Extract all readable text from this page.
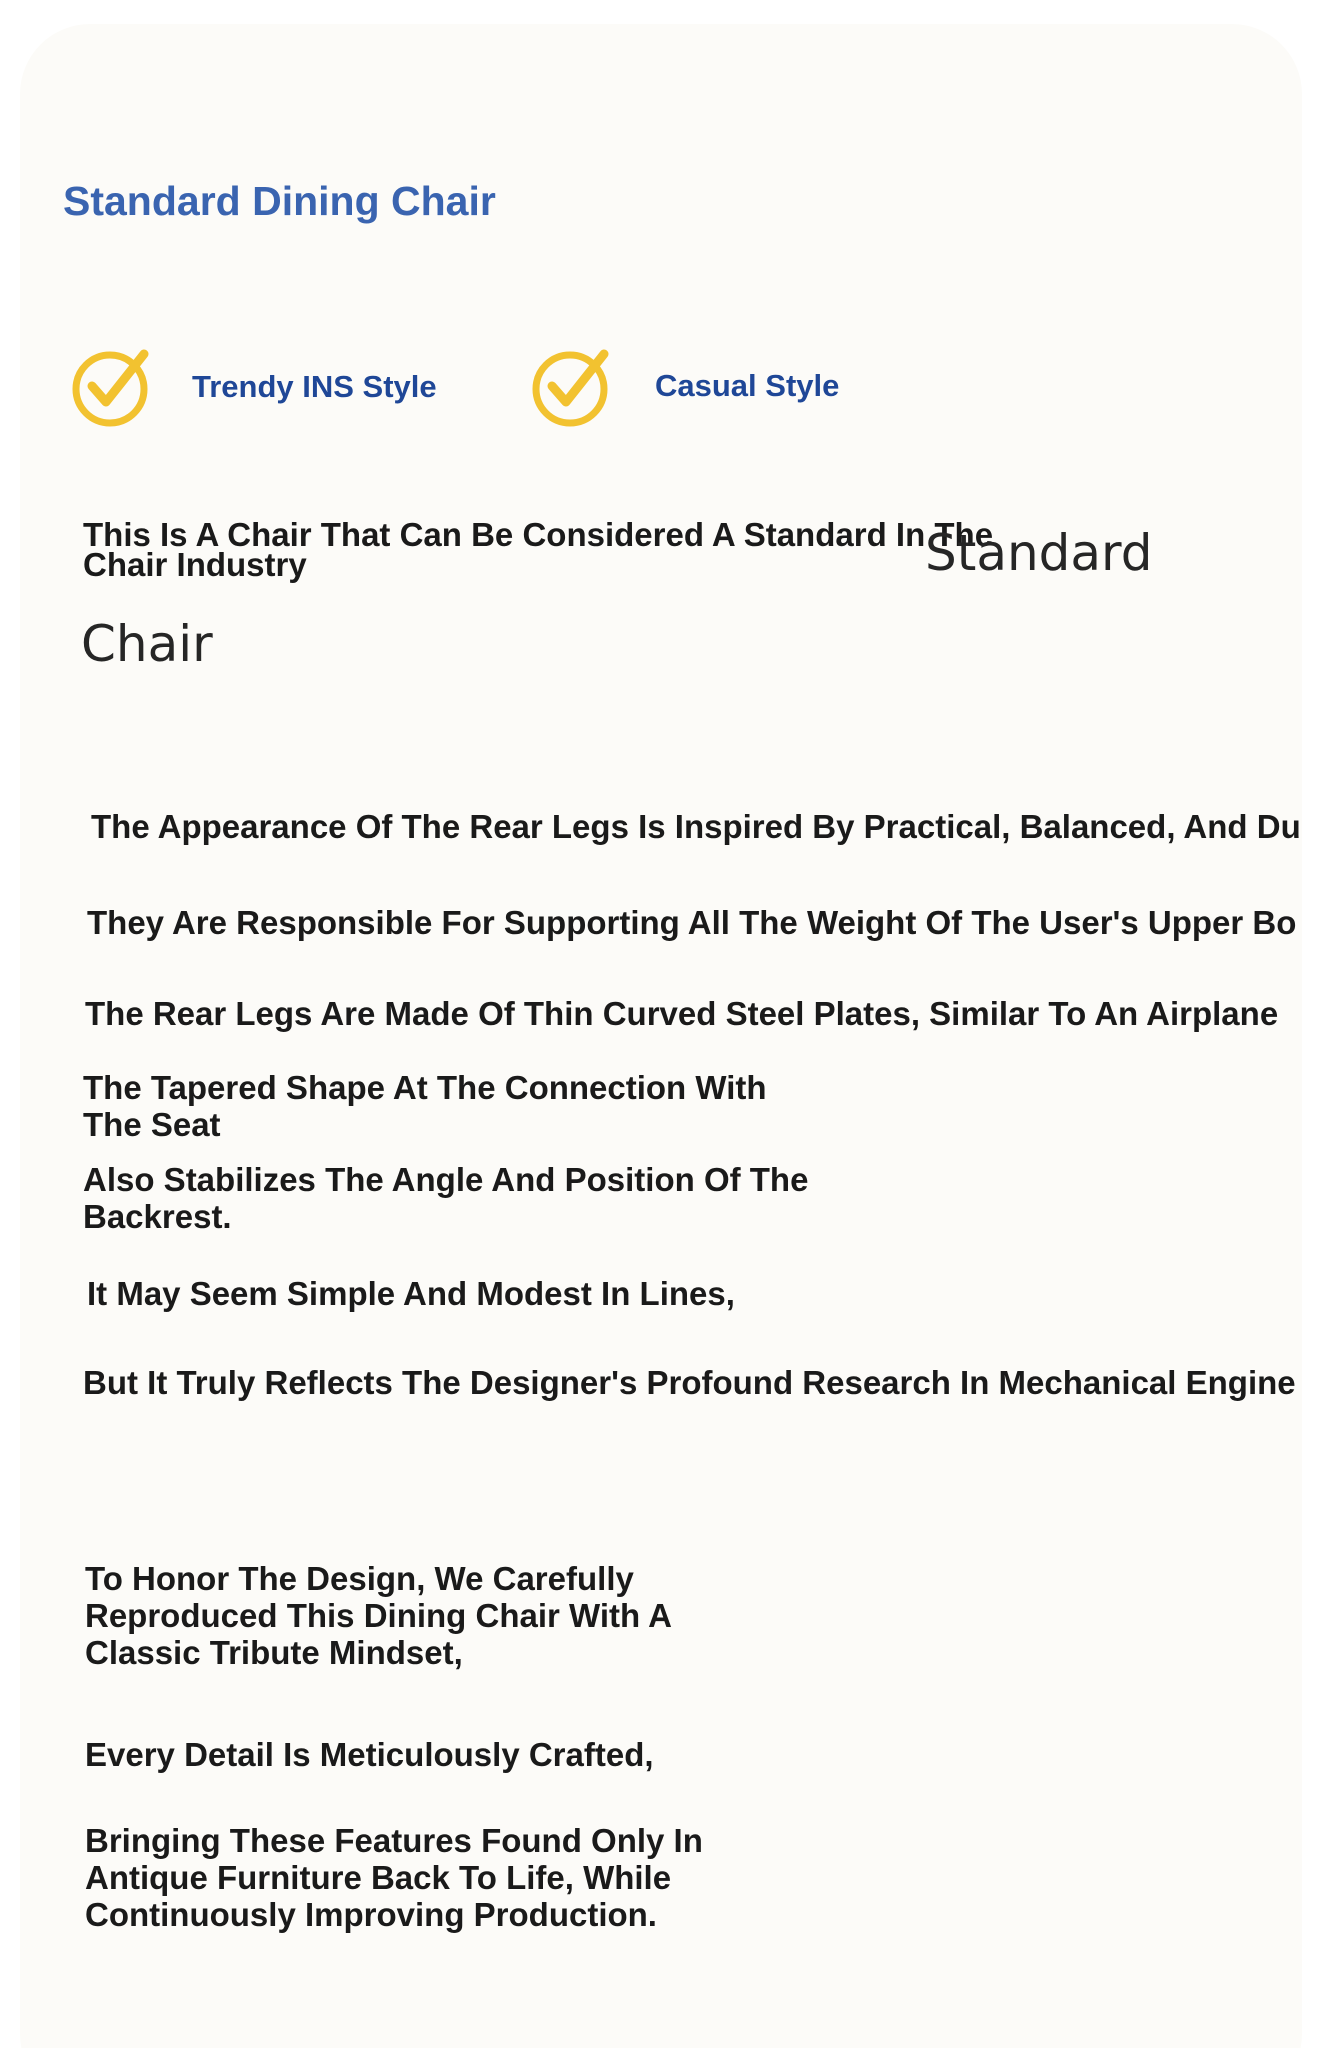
Standard Dining Chair
Trendy INS Style	Casual Style
This Is A Chair That Can Be Considered A Standard In The
Chair Industry	Standard
Chair
The Appearance Of The Rear Legs Is Inspired By Practical, Balanced, And Du
They Are Responsible For Supporting All The Weight Of The User's Upper Bo
The Rear Legs Are Made Of Thin Curved Steel Plates, Similar To An Airplane
The Tapered Shape At The Connection With The Seat
Also Stabilizes The Angle And Position Of The Backrest.
It May Seem Simple And Modest In Lines,
But It Truly Reflects The Designer's Profound Research In Mechanical Engine
To Honor The Design, We Carefully Reproduced This Dining Chair With A Classic Tribute Mindset,
Every Detail Is Meticulously Crafted,
Bringing These Features Found Only In Antique Furniture Back To Life, While Continuously Improving Production.
